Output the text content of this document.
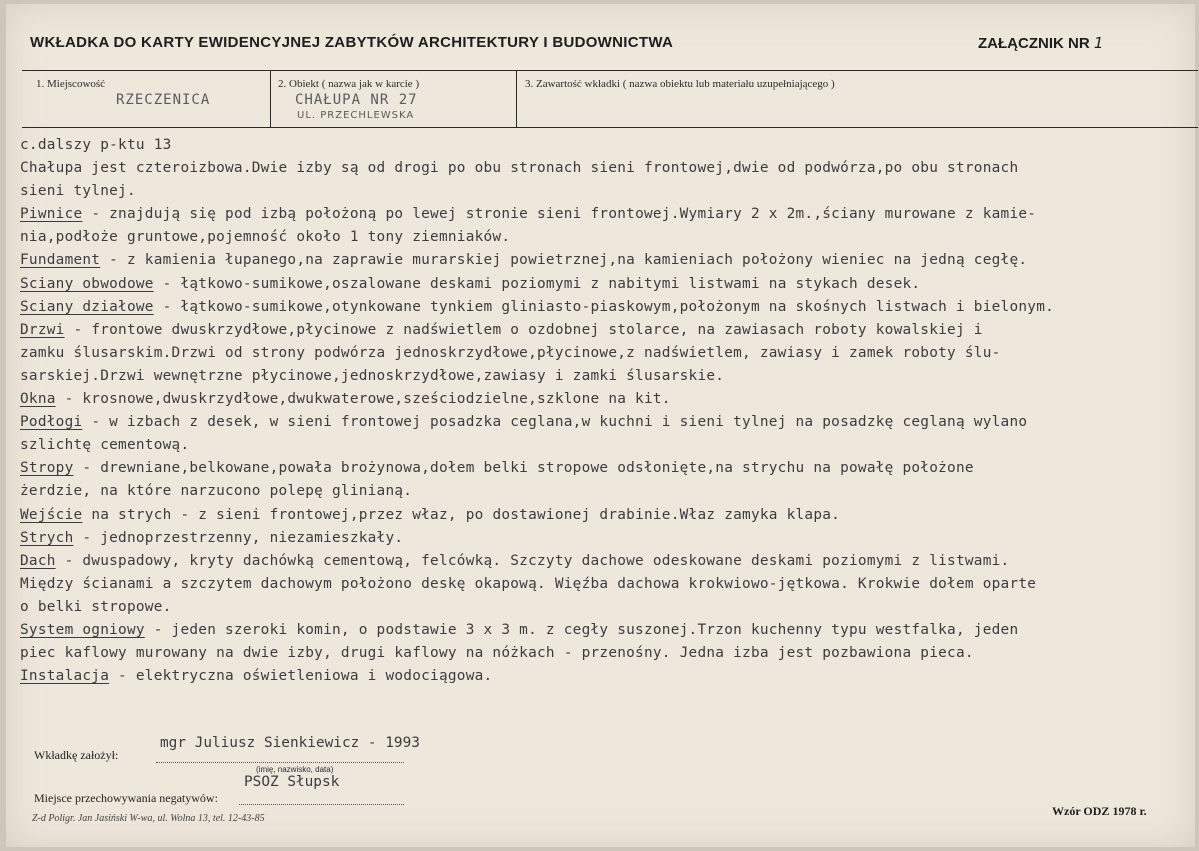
WKŁADKA DO KARTY EWIDENCYJNEJ ZABYTKÓW ARCHITEKTURY I BUDOWNICTWA	ZAŁĄCZNIK NR 1
1. Miejscowość
RZECZENICA
2. Obiekt ( nazwa jak w karcie )
CHAŁUPA NR 27
UL. PRZECHLEWSKA
3. Zawartość wkładki ( nazwa obiektu lub materiału uzupełniającego )
c.dalszy p-ktu 13
Chałupa jest czteroizbowa.Dwie izby są od drogi po obu stronach sieni frontowej,dwie od podwórza,po obu stronach
sieni tylnej.
Piwnice - znajdują się pod izbą położoną po lewej stronie sieni frontowej.Wymiary 2 x 2m.,ściany murowane z kamie-
nia,podłoże gruntowe,pojemność około 1 tony ziemniaków.
Fundament - z kamienia łupanego,na zaprawie murarskiej powietrznej,na kamieniach położony wieniec na jedną cegłę.
Sciany obwodowe - łątkowo-sumikowe,oszalowane deskami poziomymi z nabitymi listwami na stykach desek.
Sciany działowe - łątkowo-sumikowe,otynkowane tynkiem gliniasto-piaskowym,położonym na skośnych listwach i bielonym.
Drzwi - frontowe dwuskrzydłowe,płycinowe z nadświetlem o ozdobnej stolarce, na zawiasach roboty kowalskiej i
zamku ślusarskim.Drzwi od strony podwórza jednoskrzydłowe,płycinowe,z nadświetlem, zawiasy i zamek roboty ślu-
sarskiej.Drzwi wewnętrzne płycinowe,jednoskrzydłowe,zawiasy i zamki ślusarskie.
Okna - krosnowe,dwuskrzydłowe,dwukwaterowe,sześciodzielne,szklone na kit.
Podłogi - w izbach z desek, w sieni frontowej posadzka ceglana,w kuchni i sieni tylnej na posadzkę ceglaną wylano
szlichtę cementową.
Stropy - drewniane,belkowane,powała brożynowa,dołem belki stropowe odsłonięte,na strychu na powałę położone
żerdzie, na które narzucono polepę glinianą.
Wejście na strych - z sieni frontowej,przez właz, po dostawionej drabinie.Właz zamyka klapa.
Strych - jednoprzestrzenny, niezamieszkały.
Dach - dwuspadowy, kryty dachówką cementową, felcówką. Szczyty dachowe odeskowane deskami poziomymi z listwami.
Między ścianami a szczytem dachowym położono deskę okapową. Więźba dachowa krokwiowo-jętkowa. Krokwie dołem oparte
o belki stropowe.
System ogniowy - jeden szeroki komin, o podstawie 3 x 3 m. z cegły suszonej.Trzon kuchenny typu westfalka, jeden
piec kaflowy murowany na dwie izby, drugi kaflowy na nóżkach - przenośny. Jedna izba jest pozbawiona pieca.
Instalacja - elektryczna oświetleniowa i wodociągowa.
Wkładkę założył:
mgr Juliusz Sienkiewicz - 1993
(imię, nazwisko, data)
Miejsce przechowywania negatywów:
PSOZ Słupsk
Z-d Poligr. Jan Jasiński W-wa, ul. Wolna 13, tel. 12-43-85
Wzór ODZ 1978 r.
